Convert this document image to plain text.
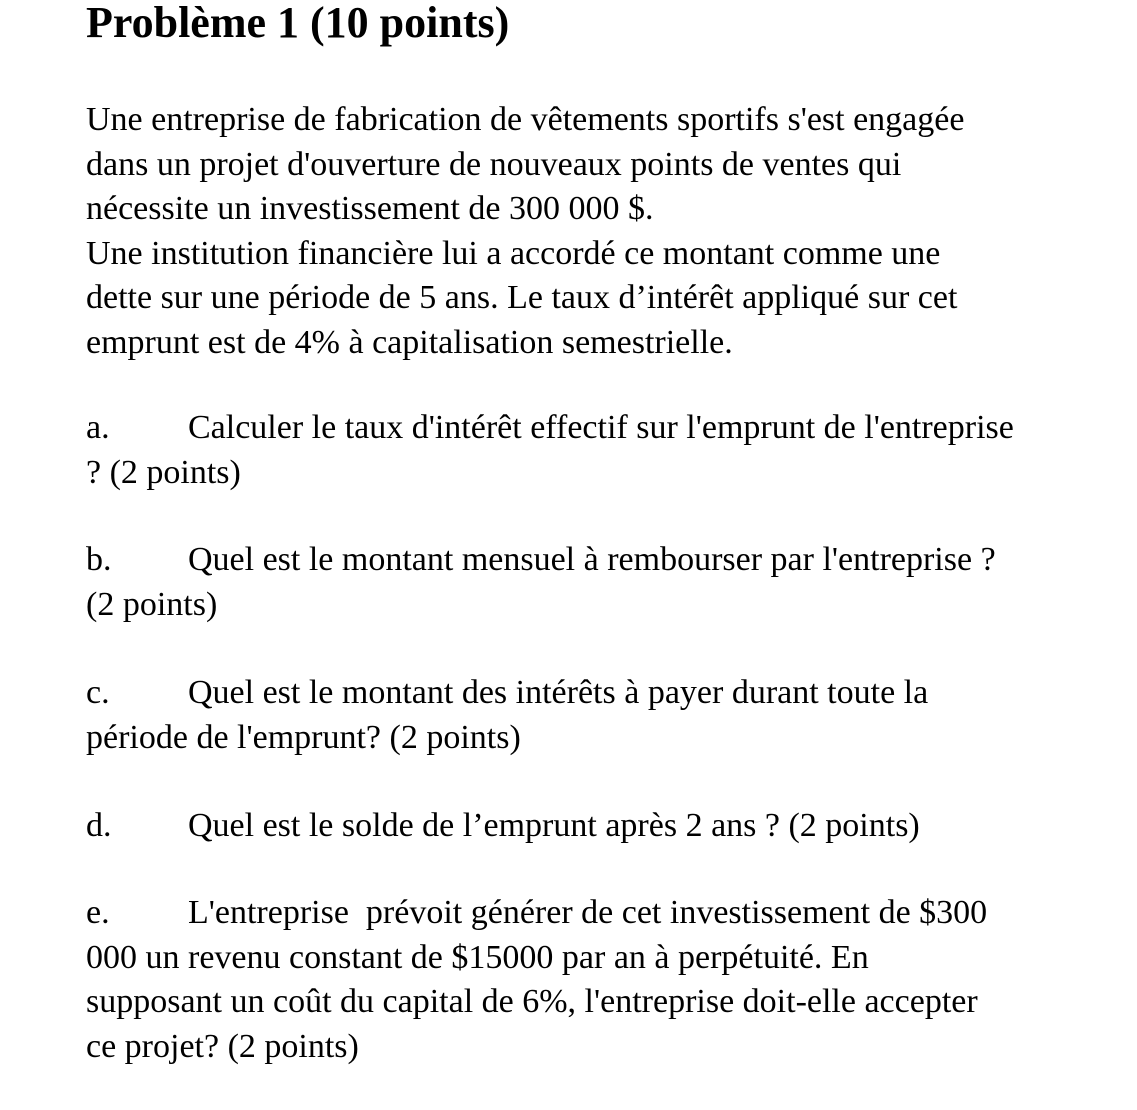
Problème 1 (10 points)

Une entreprise de fabrication de vêtements sportifs s'est engagée
dans un projet d'ouverture de nouveaux points de ventes qui
nécessite un investissement de 300 000 $.
Une institution financière lui a accordé ce montant comme une
dette sur une période de 5 ans. Le taux d’intérêt appliqué sur cet
emprunt est de 4% à capitalisation semestrielle.

a. Calculer le taux d'intérêt effectif sur l'emprunt de l'entreprise
? (2 points)

b. Quel est le montant mensuel à rembourser par l'entreprise ?
(2 points)

c. Quel est le montant des intérêts à payer durant toute la
période de l'emprunt? (2 points)

d. Quel est le solde de l’emprunt après 2 ans ? (2 points)

e. L'entreprise  prévoit générer de cet investissement de $300
000 un revenu constant de $15000 par an à perpétuité. En
supposant un coût du capital de 6%, l'entreprise doit-elle accepter
ce projet? (2 points)
